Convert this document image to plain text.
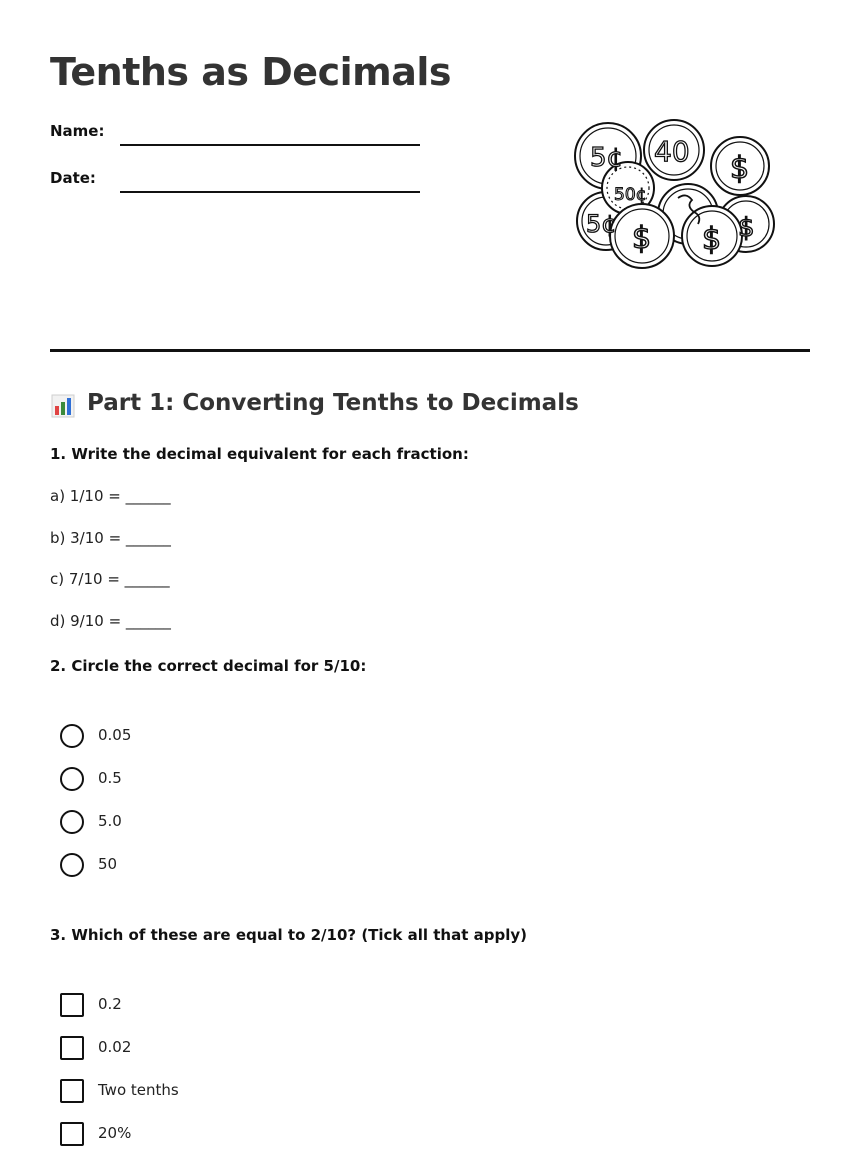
Tenths as Decimals
Name:
Date:
5¢ 40 $
5¢
50¢
$ $ $
Part 1: Converting Tenths to Decimals
1. Write the decimal equivalent for each fraction:
a) 1/10 = ______
b) 3/10 = ______
c) 7/10 = ______
d) 9/10 = ______
2. Circle the correct decimal for 5/10:
0.05
0.5
5.0
50
3. Which of these are equal to 2/10? (Tick all that apply)
0.2
0.02
Two tenths
20%
